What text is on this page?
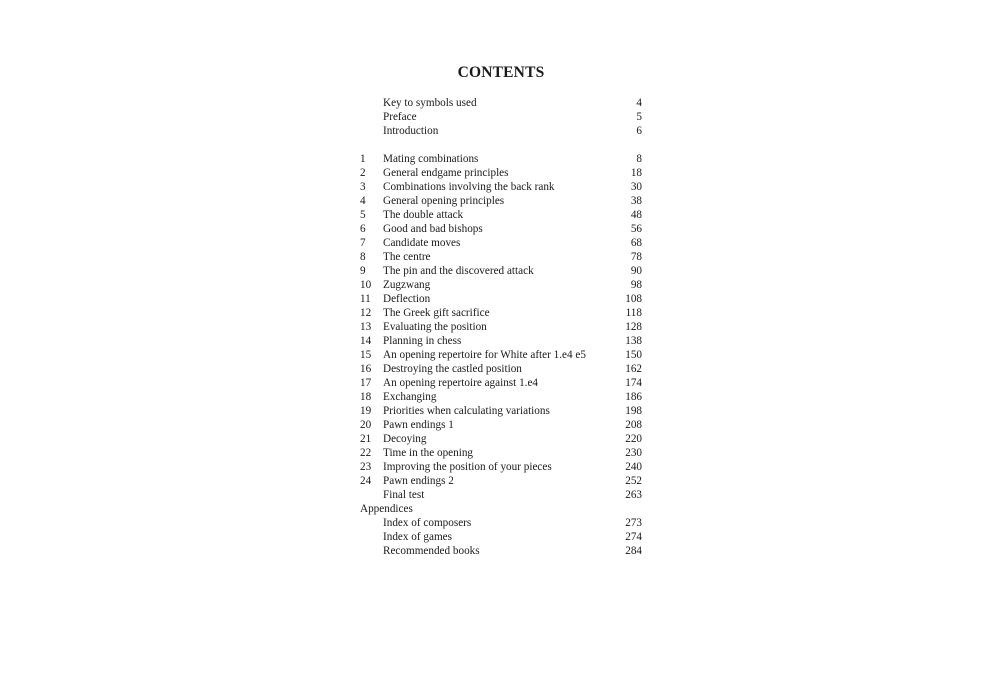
CONTENTS
Key to symbols used	4
Preface	5
Introduction	6
1 Mating combinations	8
2 General endgame principles	18
3 Combinations involving the back rank	30
4 General opening principles	38
5 The double attack	48
6 Good and bad bishops	56
7 Candidate moves	68
8 The centre	78
9 The pin and the discovered attack	90
10 Zugzwang	98
11 Deflection	108
12 The Greek gift sacrifice	118
13 Evaluating the position	128
14 Planning in chess	138
15 An opening repertoire for White after 1.e4 e5	150
16 Destroying the castled position	162
17 An opening repertoire against 1.e4	174
18 Exchanging	186
19 Priorities when calculating variations	198
20 Pawn endings 1	208
21 Decoying	220
22 Time in the opening	230
23 Improving the position of your pieces	240
24 Pawn endings 2	252
Final test	263
Appendices
Index of composers	273
Index of games	274
Recommended books	284
